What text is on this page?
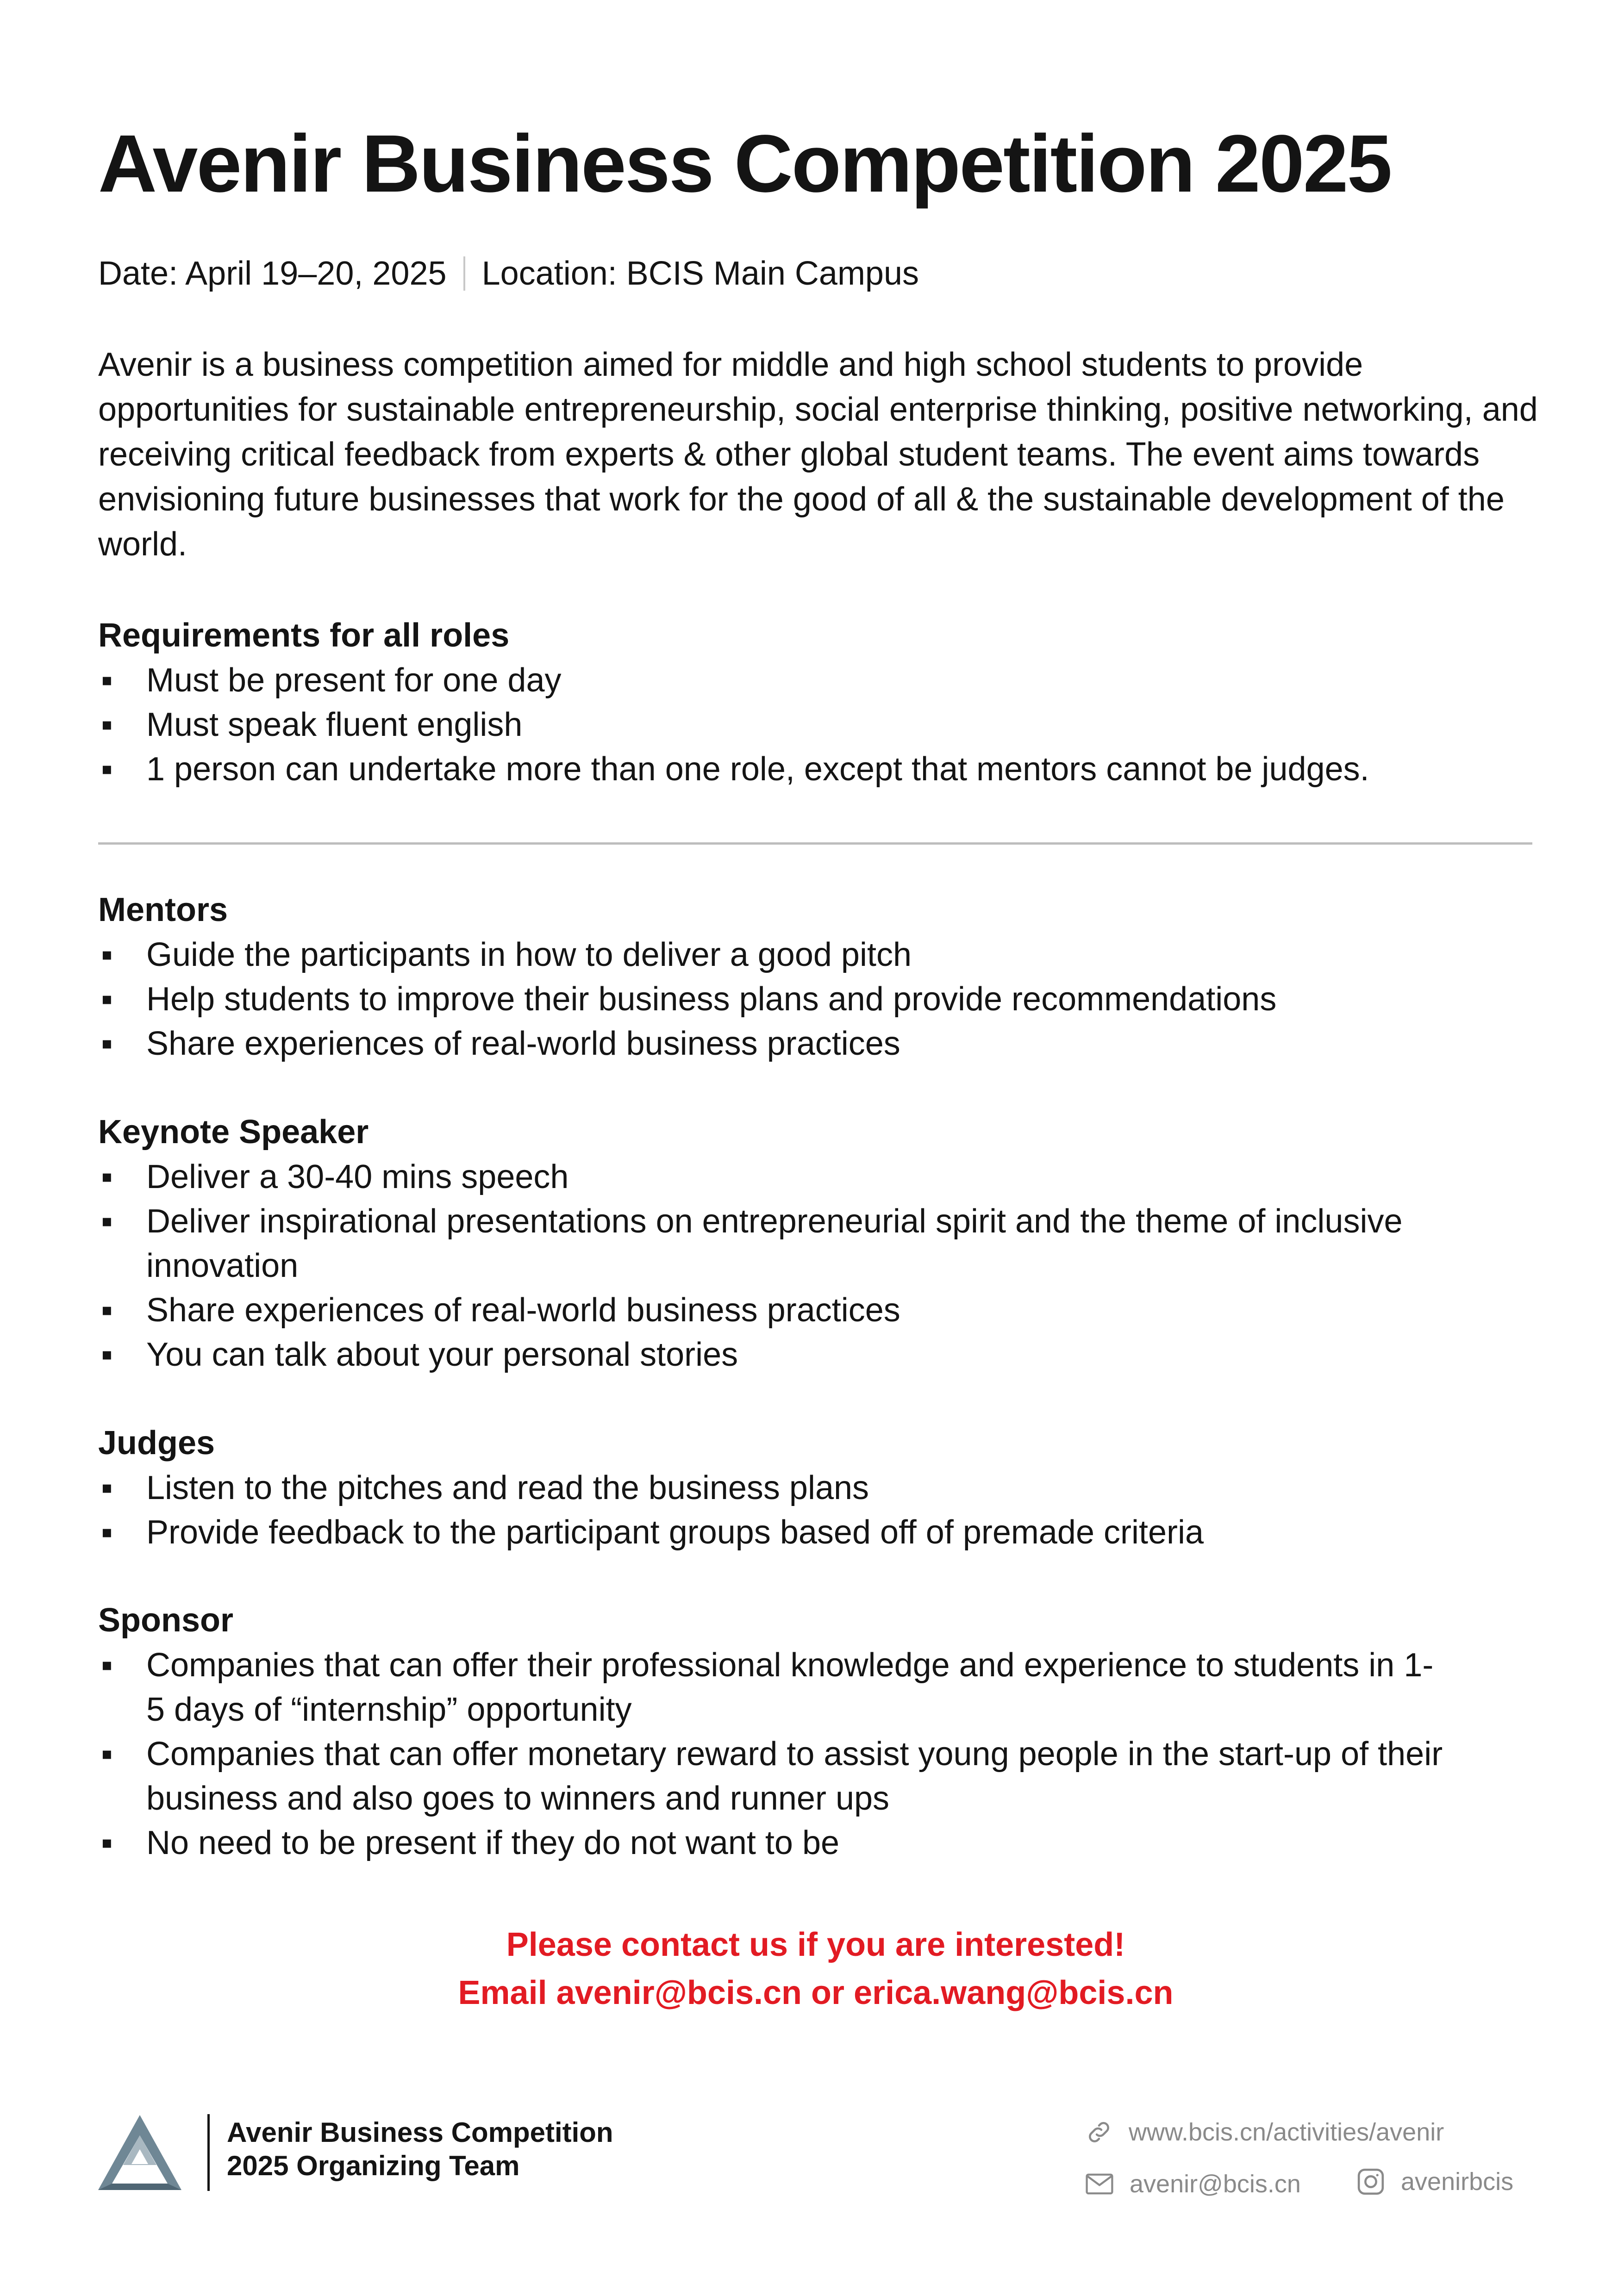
Avenir Business Competition 2025
Date: April 19–20, 2025 Location: BCIS Main Campus

Avenir is a business competition aimed for middle and high school students to provide opportunities for sustainable entrepreneurship, social enterprise thinking, positive networking, and receiving critical feedback from experts & other global student teams. The event aims towards envisioning future businesses that work for the good of all & the sustainable development of the world.

Requirements for all roles
▪ Must be present for one day
▪ Must speak fluent english
▪ 1 person can undertake more than one role, except that mentors cannot be judges.
Mentors
▪ Guide the participants in how to deliver a good pitch
▪ Help students to improve their business plans and provide recommendations
▪ Share experiences of real-world business practices
Keynote Speaker
▪ Deliver a 30-40 mins speech
▪ Deliver inspirational presentations on entrepreneurial spirit and the theme of inclusive innovation
▪ Share experiences of real-world business practices
▪ You can talk about your personal stories
Judges
▪ Listen to the pitches and read the business plans
▪ Provide feedback to the participant groups based off of premade criteria
Sponsor
▪ Companies that can offer their professional knowledge and experience to students in 1-5 days of “internship” opportunity
▪ Companies that can offer monetary reward to assist young people in the start-up of their business and also goes to winners and runner ups
▪ No need to be present if they do not want to be
Please contact us if you are interested!
Email avenir@bcis.cn or erica.wang@bcis.cn
Avenir Business Competition
2025 Organizing Team
www.bcis.cn/activities/avenir
avenir@bcis.cn	avenirbcis
